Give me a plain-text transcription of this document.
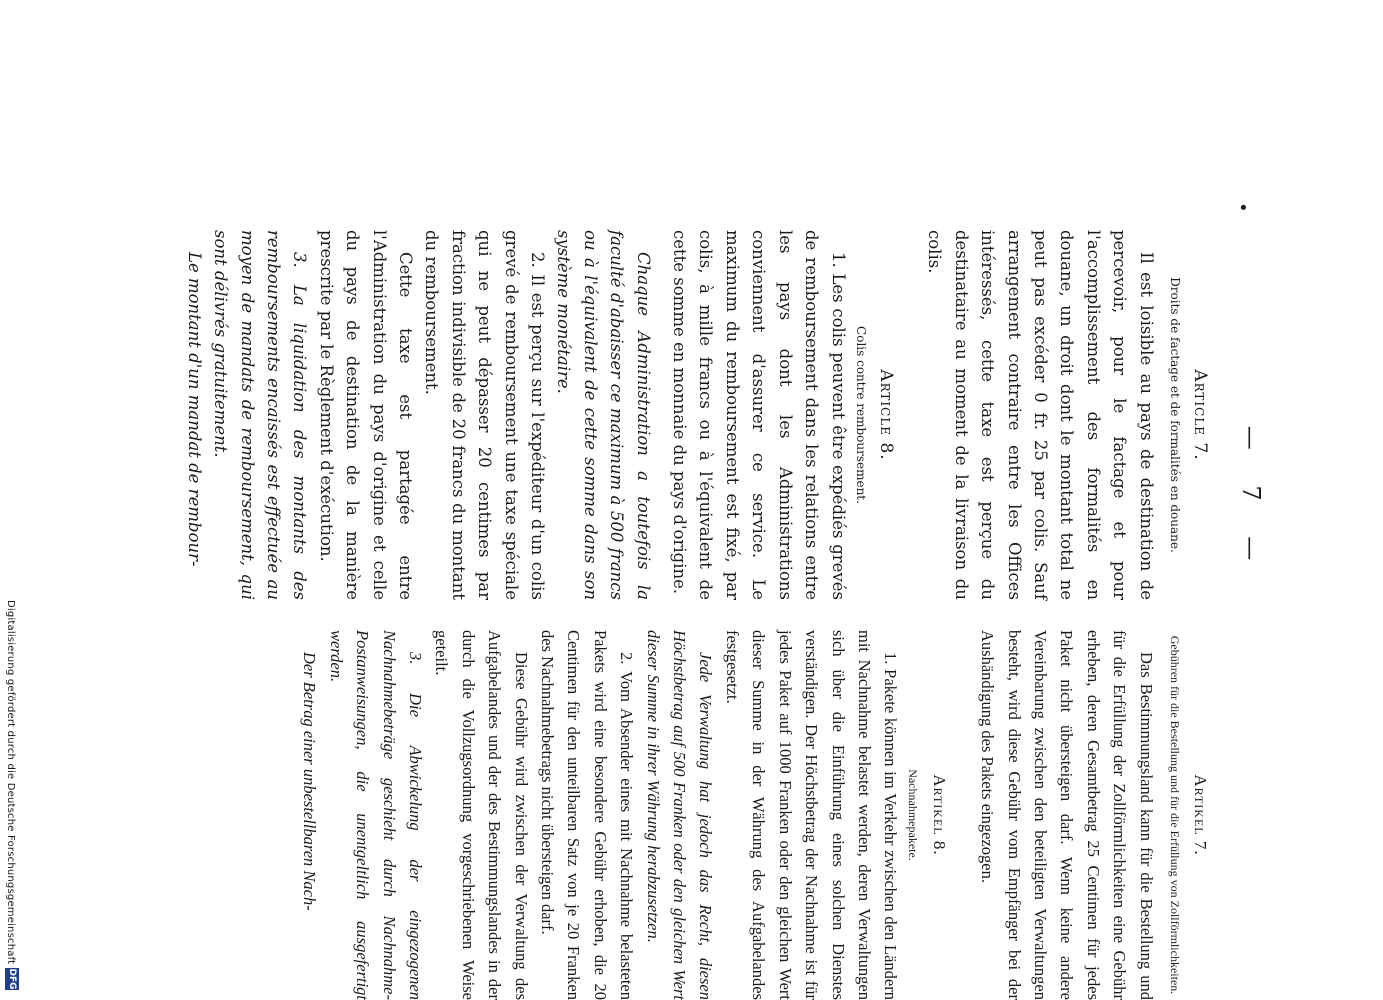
•
— 7 —
Article 7.
Droits de factage et de formalités en douane.

Il est loisible au pays de destination de percevoir, pour le factage et pour l'accomplissement des formalités en douane, un droit dont le montant total ne peut pas excéder 0 fr. 25 par colis. Sauf arrangement contraire entre les Offices intéressés, cette taxe est perçue du destinataire au moment de la livraison du colis.

Article 8.
Colis contre remboursement.

1. Les colis peuvent être expédiés grevés de remboursement dans les relations entre les pays dont les Administrations conviennent d'assurer ce service. Le maximum du remboursement est fixé, par colis, à mille francs ou à l'équivalent de cette somme en monnaie du pays d'origine.

Chaque Administration a toutefois la faculté d'abaisser ce maximum à 500 francs ou à l'équivalent de cette somme dans son système monétaire.

2. Il est perçu sur l'expéditeur d'un colis grevé de remboursement une taxe spéciale qui ne peut dépasser 20 centimes par fraction indivisible de 20 francs du montant du remboursement.

Cette taxe est partagée entre l'Administration du pays d'origine et celle du pays de destination de la manière prescrite par le Règlement d'exécution.

3. La liquidation des montants des remboursements encaissés est effectuée au moyen de mandats de remboursement, qui sont délivrés gratuitement.

Le montant d'un mandat de rembour-

Artikel 7.
Gebühren für die Bestellung und für die Erfüllung von Zollförmlichkeiten.

Das Bestimmungsland kann für die Bestellung und für die Erfüllung der Zollförmlichkeiten eine Gebühr erheben, deren Gesamtbetrag 25 Centimen für jedes Paket nicht übersteigen darf. Wenn keine andere Vereinbarung zwischen den beteiligten Verwaltungen besteht, wird diese Gebühr vom Empfänger bei der Aushändigung des Pakets eingezogen.

Artikel 8.
Nachnahmepakete.

1. Pakete können im Verkehr zwischen den Ländern mit Nachnahme belastet werden, deren Verwaltungen sich über die Einführung eines solchen Dienstes verständigen. Der Höchstbetrag der Nachnahme ist für jedes Paket auf 1000 Franken oder den gleichen Wert dieser Summe in der Währung des Aufgabelandes festgesetzt.

Jede Verwaltung hat jedoch das Recht, diesen Höchstbetrag auf 500 Franken oder den gleichen Wert dieser Summe in ihrer Währung herabzusetzen.

2. Vom Absender eines mit Nachnahme belasteten Pakets wird eine besondere Gebühr erhoben, die 20 Centimen für den unteilbaren Satz von je 20 Franken des Nachnahmebetrags nicht übersteigen darf.

Diese Gebühr wird zwischen der Verwaltung des Aufgabelandes und der des Bestimmungslandes in der durch die Vollzugsordnung vorgeschriebenen Weise geteilt.

3. Die Abwickelung der eingezogenen Nachnahmebeträge geschieht durch Nachnahme-Postanweisungen, die unentgeltlich ausgefertigt werden.

Der Betrag einer unbestellbaren Nach-

Digitalisierung gefördert durch die Deutsche Forschungsgemeinschaft
DFG
